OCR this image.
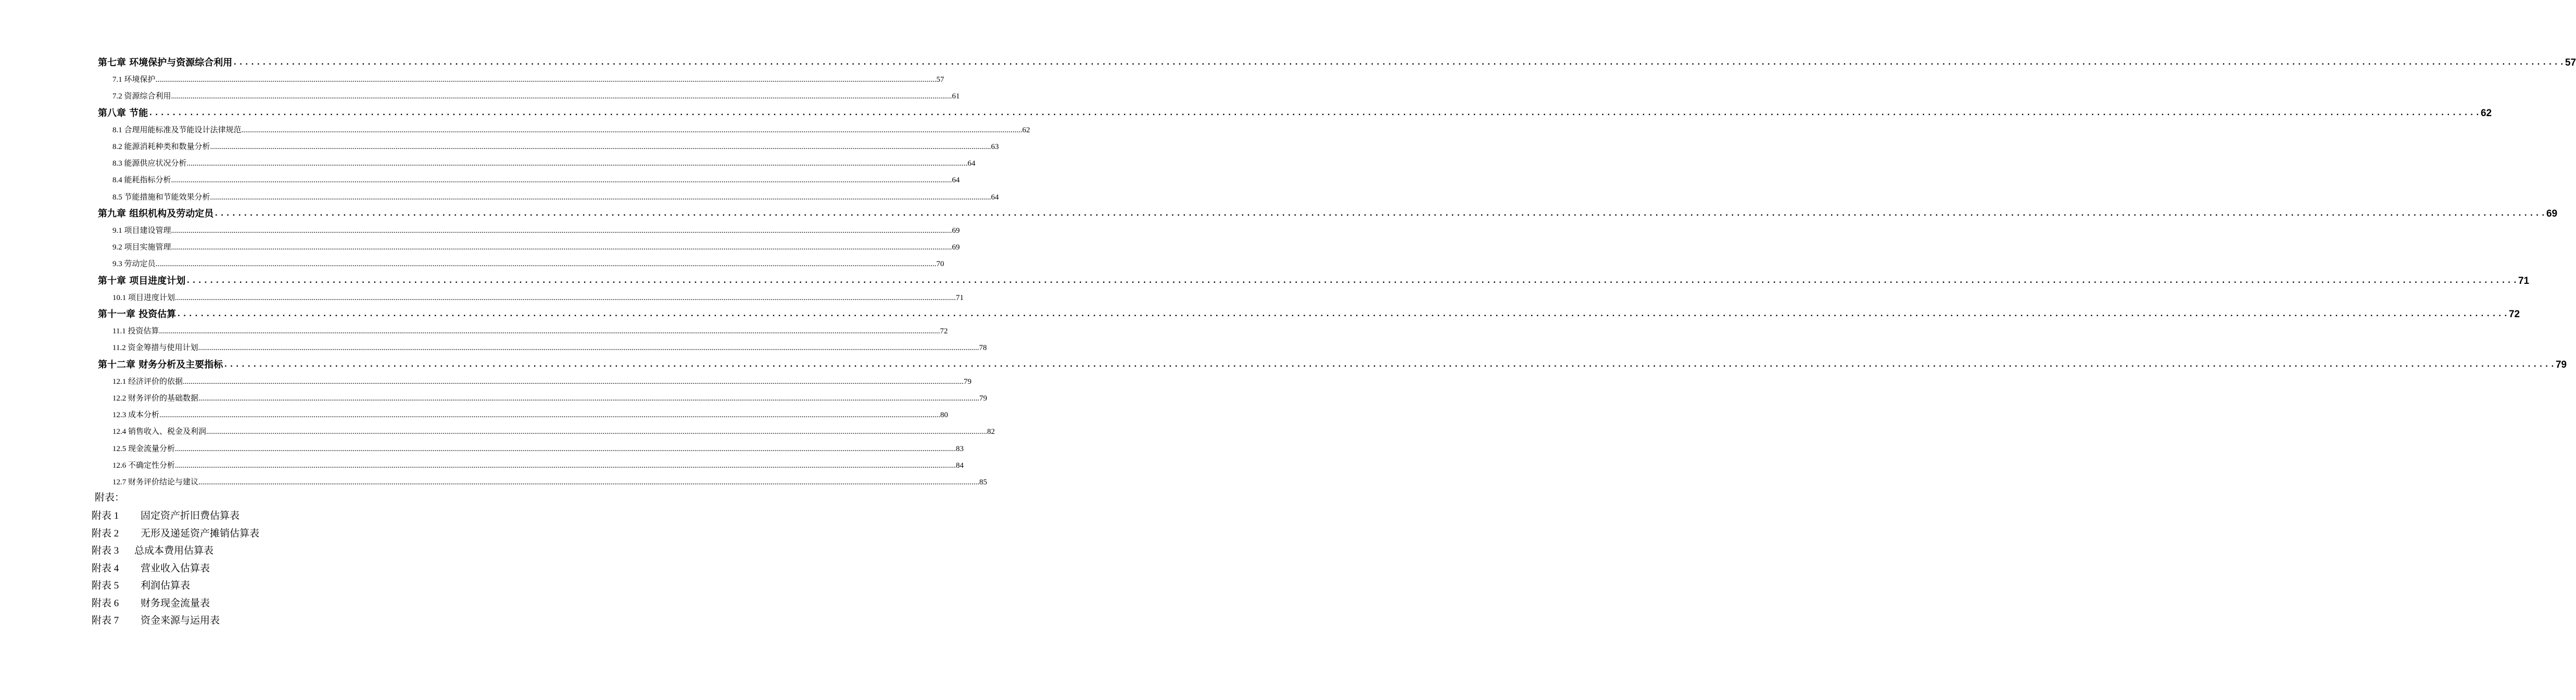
第七章 环境保护与资源综合利用 ................................................................................................................................................................................................................................................................................................................................................................................................................ 57
7.1 环境保护 ................................................................................................................................................................................................................................................................................................................................................................................................................ 57
7.2 资源综合利用 ................................................................................................................................................................................................................................................................................................................................................................................................................ 61
第八章 节能 ................................................................................................................................................................................................................................................................................................................................................................................................................ 62
8.1 合理用能标准及节能设计法律规范 ................................................................................................................................................................................................................................................................................................................................................................................................................ 62
8.2 能源消耗种类和数量分析 ................................................................................................................................................................................................................................................................................................................................................................................................................ 63
8.3 能源供应状况分析 ................................................................................................................................................................................................................................................................................................................................................................................................................ 64
8.4 能耗指标分析 ................................................................................................................................................................................................................................................................................................................................................................................................................ 64
8.5 节能措施和节能效果分析 ................................................................................................................................................................................................................................................................................................................................................................................................................ 64
第九章 组织机构及劳动定员 ................................................................................................................................................................................................................................................................................................................................................................................................................ 69
9.1 项目建设管理 ................................................................................................................................................................................................................................................................................................................................................................................................................ 69
9.2 项目实施管理 ................................................................................................................................................................................................................................................................................................................................................................................................................ 69
9.3 劳动定员 ................................................................................................................................................................................................................................................................................................................................................................................................................ 70
第十章 项目进度计划 ................................................................................................................................................................................................................................................................................................................................................................................................................ 71
10.1 项目进度计划 ................................................................................................................................................................................................................................................................................................................................................................................................................ 71
第十一章 投资估算 ................................................................................................................................................................................................................................................................................................................................................................................................................ 72
11.1 投资估算 ................................................................................................................................................................................................................................................................................................................................................................................................................ 72
11.2 资金筹措与使用计划 ................................................................................................................................................................................................................................................................................................................................................................................................................ 78
第十二章 财务分析及主要指标 ................................................................................................................................................................................................................................................................................................................................................................................................................ 79
12.1 经济评价的依据 ................................................................................................................................................................................................................................................................................................................................................................................................................ 79
12.2 财务评价的基础数据 ................................................................................................................................................................................................................................................................................................................................................................................................................ 79
12.3 成本分析 ................................................................................................................................................................................................................................................................................................................................................................................................................ 80
12.4 销售收入、税金及利润 ................................................................................................................................................................................................................................................................................................................................................................................................................ 82
12.5 现金流量分析 ................................................................................................................................................................................................................................................................................................................................................................................................................ 83
12.6 不确定性分析 ................................................................................................................................................................................................................................................................................................................................................................................................................ 84
12.7 财务评价结论与建议 ................................................................................................................................................................................................................................................................................................................................................................................................................ 85
附表：
附表 1 固定资产折旧费估算表
附表 2 无形及递延资产摊销估算表
附表 3 总成本费用估算表
附表 4 营业收入估算表
附表 5 利润估算表
附表 6 财务现金流量表
附表 7 资金来源与运用表
